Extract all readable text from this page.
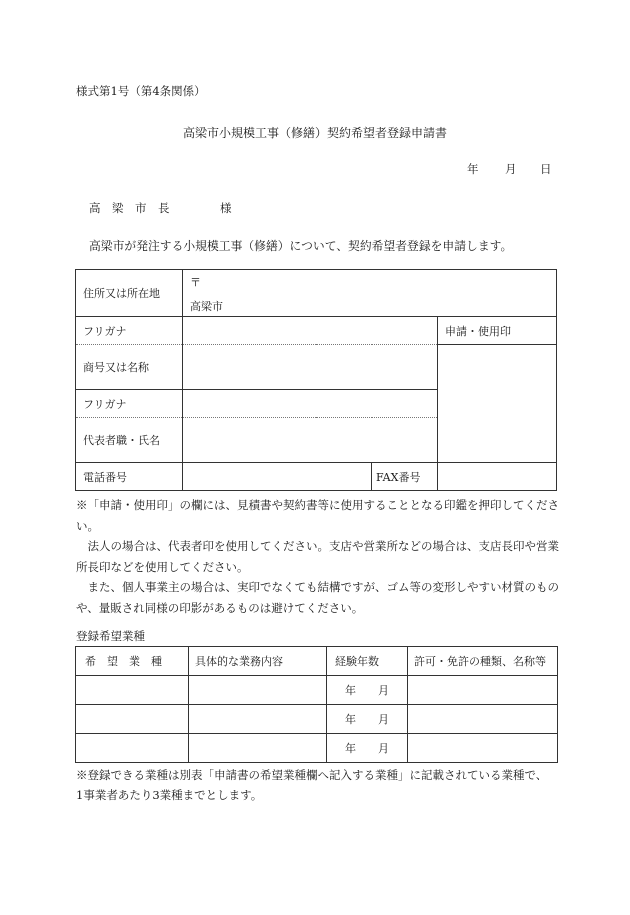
様式第1号（第4条関係）
高梁市小規模工事（修繕）契約希望者登録申請書
年 月 日
高　梁　市　長	様
高梁市が発注する小規模工事（修繕）について、契約希望者登録を申請します。
住所又は所在地	〒
高梁市		

フリガナ			申請・使用印
商号又は名称			
フリガナ			
代表者職・氏名			
電話番号		FAX番号	

※「申請・使用印」の欄には、見積書や契約書等に使用することとなる印鑑を押印してください。

法人の場合は、代表者印を使用してください。支店や営業所などの場合は、支店長印や営業所長印などを使用してください。

また、個人事業主の場合は、実印でなくても結構ですが、ゴム等の変形しやすい材質のものや、量販され同様の印影があるものは避けてください。

登録希望業種
希　望　業　種	具体的な業務内容	経験年数	許可・免許の種類、名称等
		年　　月	
		年　　月	
		年　　月	

※登録できる業種は別表「申請書の希望業種欄へ記入する業種」に記載されている業種で、

1事業者あたり3業種までとします。
